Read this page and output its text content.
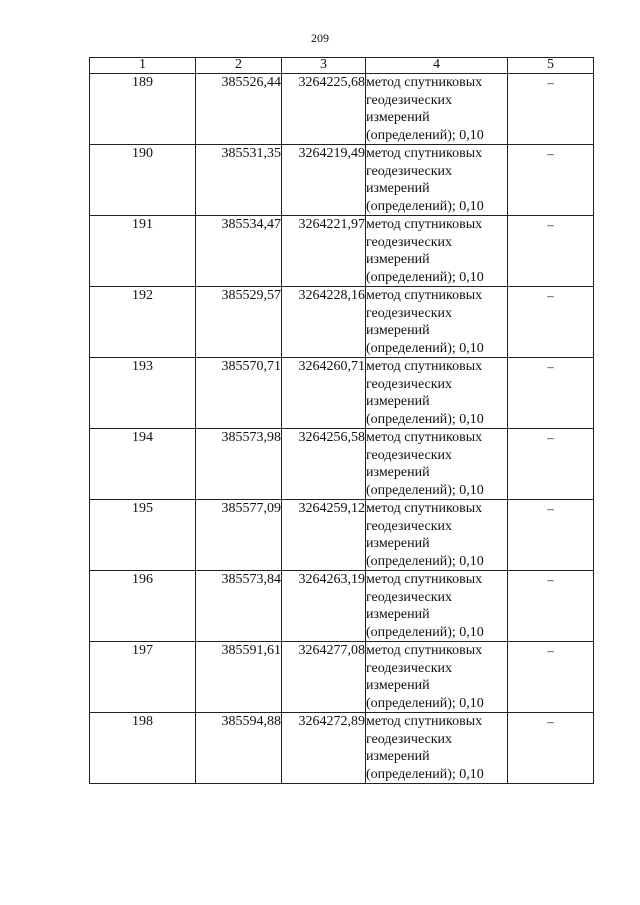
209
1	2	3	4	5
189	385526,44	3264225,68	метод спутниковых
геодезических
измерений
(определений); 0,10	–
190	385531,35	3264219,49	метод спутниковых
геодезических
измерений
(определений); 0,10	–
191	385534,47	3264221,97	метод спутниковых
геодезических
измерений
(определений); 0,10	–
192	385529,57	3264228,16	метод спутниковых
геодезических
измерений
(определений); 0,10	–
193	385570,71	3264260,71	метод спутниковых
геодезических
измерений
(определений); 0,10	–
194	385573,98	3264256,58	метод спутниковых
геодезических
измерений
(определений); 0,10	–
195	385577,09	3264259,12	метод спутниковых
геодезических
измерений
(определений); 0,10	–
196	385573,84	3264263,19	метод спутниковых
геодезических
измерений
(определений); 0,10	–
197	385591,61	3264277,08	метод спутниковых
геодезических
измерений
(определений); 0,10	–
198	385594,88	3264272,89	метод спутниковых
геодезических
измерений
(определений); 0,10	–
